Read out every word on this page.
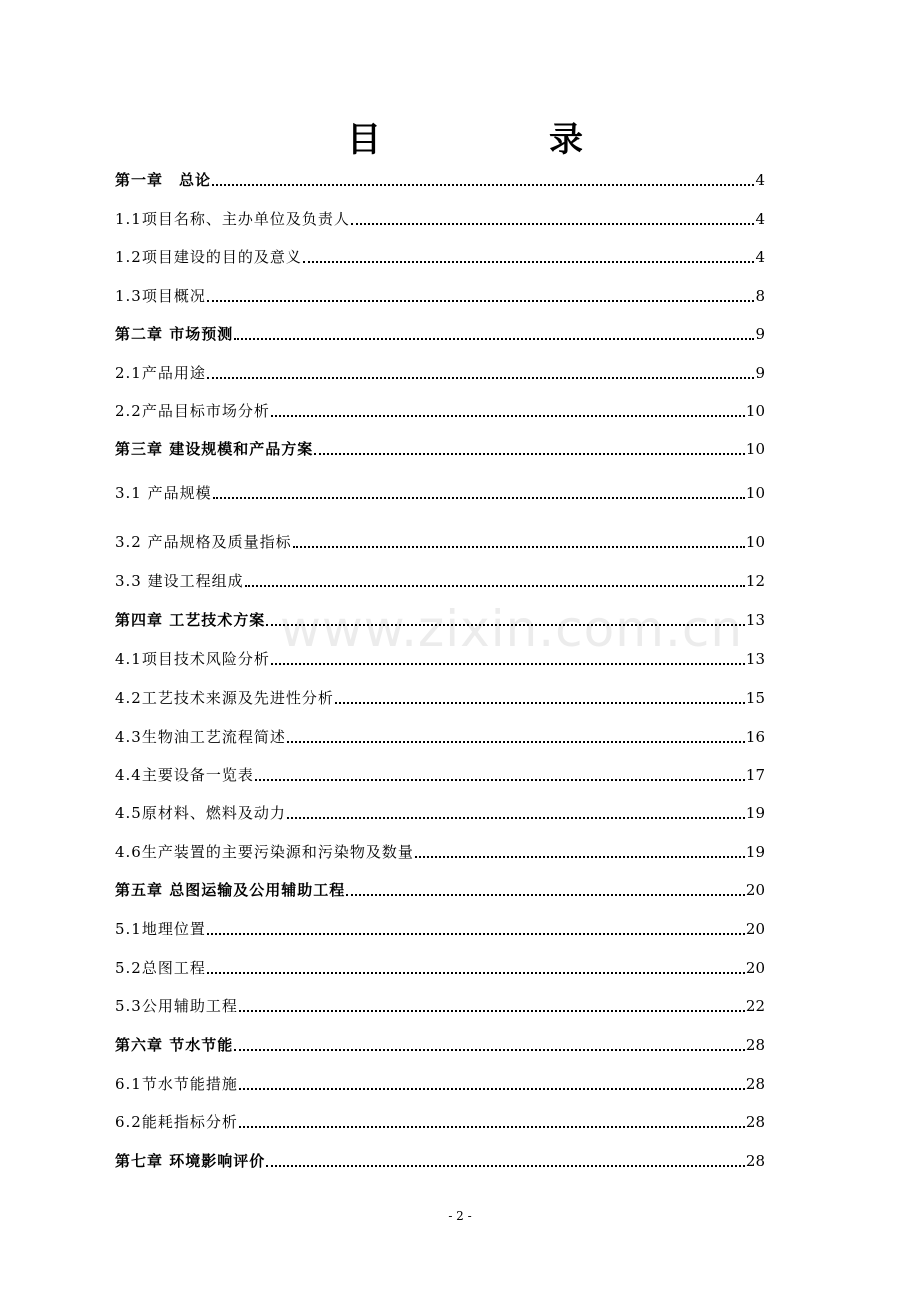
目	录
www.zixin.com.cn
第一章　总论	4
1.1项目名称、主办单位及负责人	4
1.2项目建设的目的及意义	4
1.3项目概况	8
第二章 市场预测	9
2.1产品用途	9
2.2产品目标市场分析	10
第三章 建设规模和产品方案	10
3.1 产品规模	10
3.2 产品规格及质量指标	10
3.3 建设工程组成	12
第四章 工艺技术方案	13
4.1项目技术风险分析	13
4.2工艺技术来源及先进性分析	15
4.3生物油工艺流程简述	16
4.4主要设备一览表	17
4.5原材料、燃料及动力	19
4.6生产装置的主要污染源和污染物及数量	19
第五章 总图运输及公用辅助工程	20
5.1地理位置	20
5.2总图工程	20
5.3公用辅助工程	22
第六章 节水节能	28
6.1节水节能措施	28
6.2能耗指标分析	28
第七章 环境影响评价	28
- 2 -
